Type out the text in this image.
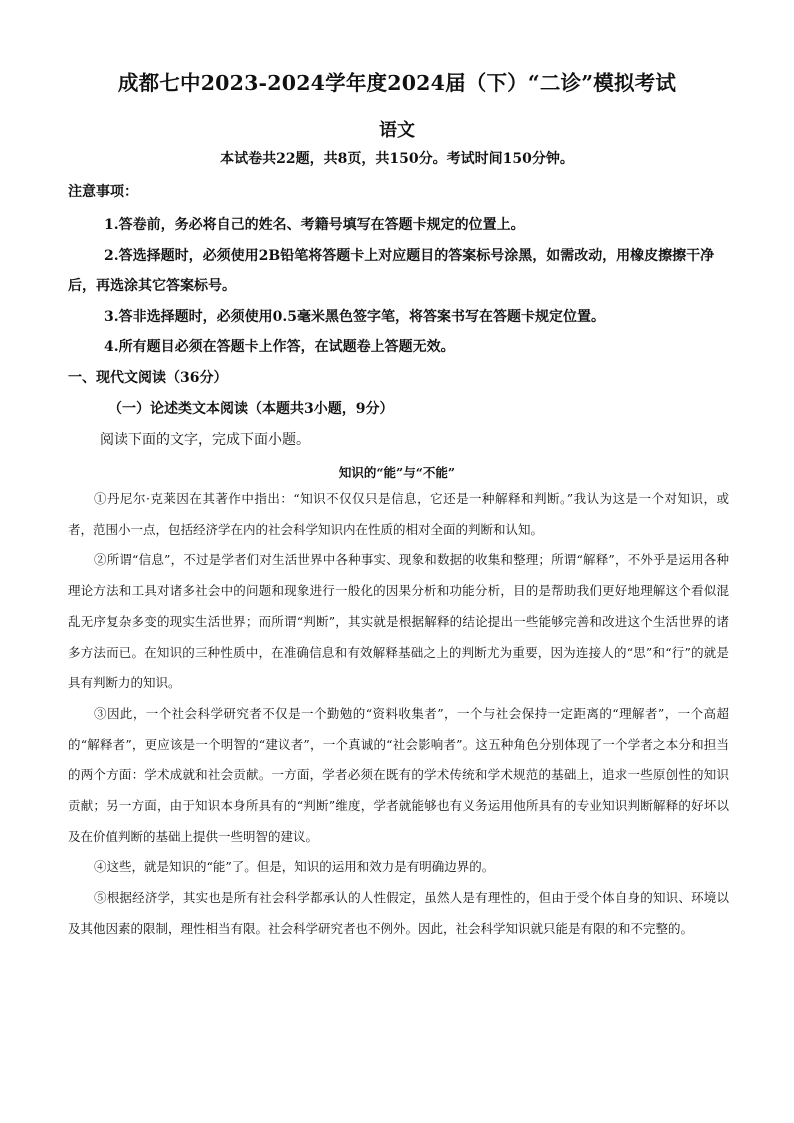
成都七中2023-2024学年度2024届（下）“二诊”模拟考试
语文
本试卷共22题，共8页，共150分。考试时间150分钟。
注意事项：

1.答卷前，务必将自己的姓名、考籍号填写在答题卡规定的位置上。

2.答选择题时，必须使用2B铅笔将答题卡上对应题目的答案标号涂黑，如需改动，用橡皮擦擦干净后，再选涂其它答案标号。

3.答非选择题时，必须使用0.5毫米黑色签字笔，将答案书写在答题卡规定位置。

4.所有题目必须在答题卡上作答，在试题卷上答题无效。

一、现代文阅读（36分）
（一）论述类文本阅读（本题共3小题，9分）
阅读下面的文字，完成下面小题。
知识的“能”与“不能”

①丹尼尔·克莱因在其著作中指出：“知识不仅仅只是信息，它还是一种解释和判断。”我认为这是一个对知识，或者，范围小一点，包括经济学在内的社会科学知识内在性质的相对全面的判断和认知。

②所谓“信息”，不过是学者们对生活世界中各种事实、现象和数据的收集和整理；所谓“解释”，不外乎是运用各种理论方法和工具对诸多社会中的问题和现象进行一般化的因果分析和功能分析，目的是帮助我们更好地理解这个看似混乱无序复杂多变的现实生活世界；而所谓“判断”，其实就是根据解释的结论提出一些能够完善和改进这个生活世界的诸多方法而已。在知识的三种性质中，在准确信息和有效解释基础之上的判断尤为重要，因为连接人的“思”和“行”的就是具有判断力的知识。

③因此，一个社会科学研究者不仅是一个勤勉的“资料收集者”，一个与社会保持一定距离的“理解者”，一个高超的“解释者”，更应该是一个明智的“建议者”，一个真诚的“社会影响者”。这五种角色分别体现了一个学者之本分和担当的两个方面：学术成就和社会贡献。一方面，学者必须在既有的学术传统和学术规范的基础上，追求一些原创性的知识贡献；另一方面，由于知识本身所具有的“判断”维度，学者就能够也有义务运用他所具有的专业知识判断解释的好坏以及在价值判断的基础上提供一些明智的建议。

④这些，就是知识的“能”了。但是，知识的运用和效力是有明确边界的。

⑤根据经济学，其实也是所有社会科学都承认的人性假定，虽然人是有理性的，但由于受个体自身的知识、环境以及其他因素的限制，理性相当有限。社会科学研究者也不例外。因此，社会科学知识就只能是有限的和不完整的。
